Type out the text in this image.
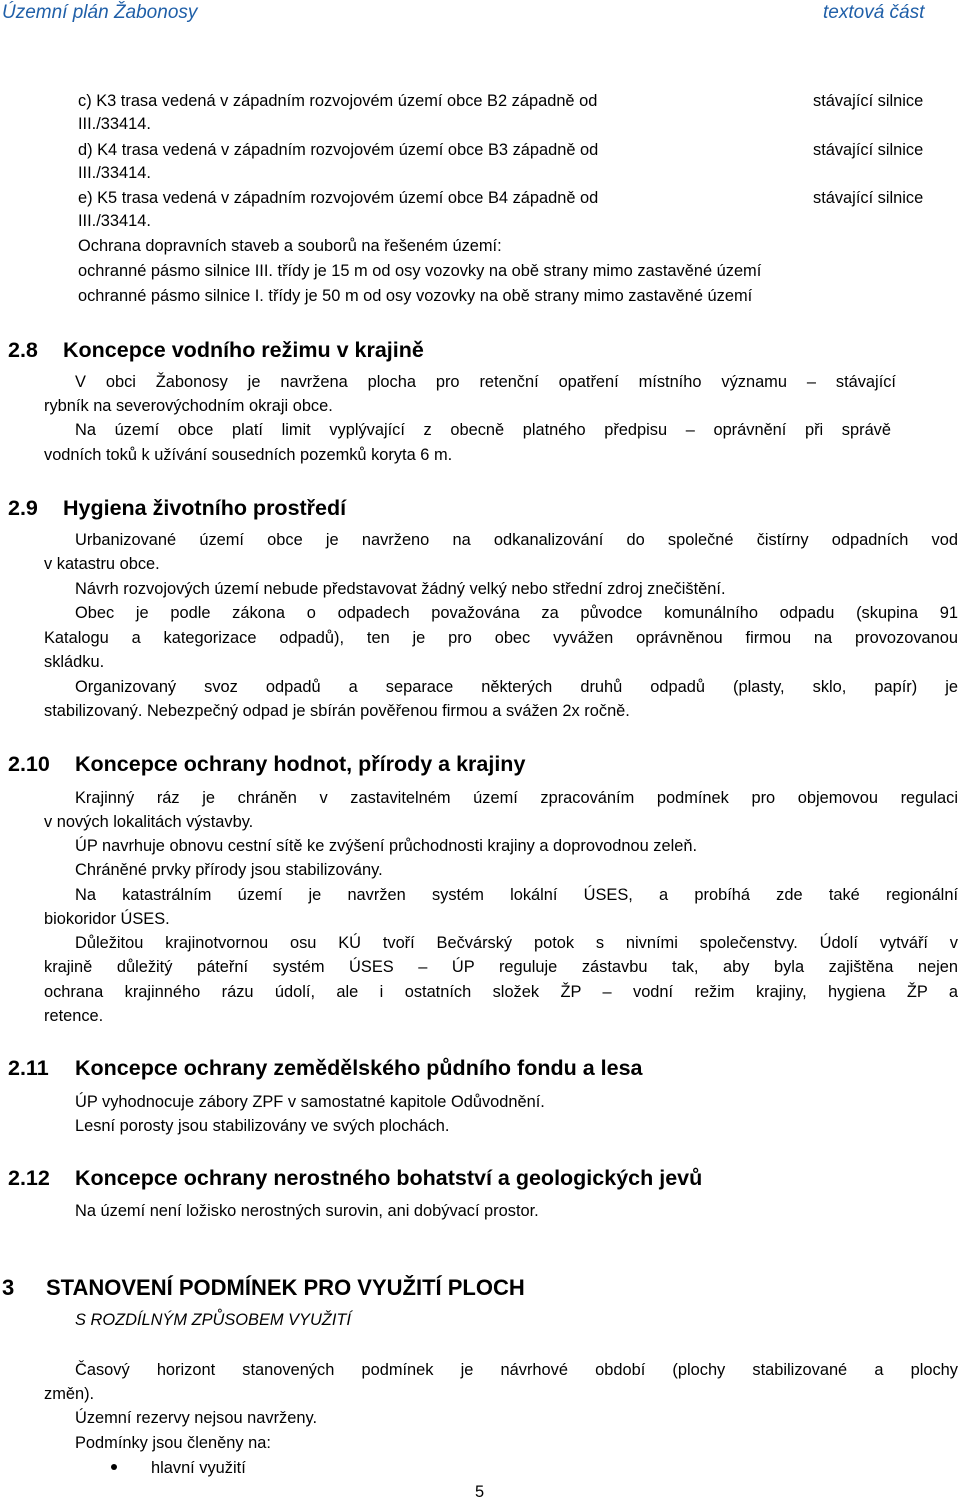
Územní plán Žabonosy	textová část
c) K3 trasa vedená v západním rozvojovém území obce B2 západně od	stávající silnice
III./33414.
d) K4 trasa vedená v západním rozvojovém území obce B3 západně od	stávající silnice
III./33414.
e) K5 trasa vedená v západním rozvojovém území obce B4 západně od	stávající silnice
III./33414.
Ochrana dopravních staveb a souborů na řešeném území:
ochranné pásmo silnice III. třídy je 15 m od osy vozovky na obě strany mimo zastavěné území
ochranné pásmo silnice I. třídy je 50 m od osy vozovky na obě strany mimo zastavěné území
2.8 Koncepce vodního režimu v krajině
V obci Žabonosy je navržena plocha pro retenční opatření místního významu – stávající
rybník na severovýchodním okraji obce.
Na území obce platí limit vyplývající z obecně platného předpisu – oprávnění při správě
vodních toků k užívání sousedních pozemků koryta 6 m.
2.9 Hygiena životního prostředí
Urbanizované území obce je navrženo na odkanalizování do společné čistírny odpadních vod
v katastru obce.
Návrh rozvojových území nebude představovat žádný velký nebo střední zdroj znečištění.
Obec je podle zákona o odpadech považována za původce komunálního odpadu (skupina 91
Katalogu a kategorizace odpadů), ten je pro obec vyvážen oprávněnou firmou na provozovanou
skládku.
Organizovaný svoz odpadů a separace některých druhů odpadů (plasty, sklo, papír) je
stabilizovaný. Nebezpečný odpad je sbírán pověřenou firmou a svážen 2x ročně.
2.10 Koncepce ochrany hodnot, přírody a krajiny
Krajinný ráz je chráněn v zastavitelném území zpracováním podmínek pro objemovou regulaci
v nových lokalitách výstavby.
ÚP navrhuje obnovu cestní sítě ke zvýšení průchodnosti krajiny a doprovodnou zeleň.
Chráněné prvky přírody jsou stabilizovány.
Na katastrálním území je navržen systém lokální ÚSES, a probíhá zde také regionální
biokoridor ÚSES.
Důležitou krajinotvornou osu KÚ tvoří Bečvárský potok s nivními společenstvy. Údolí vytváří v
krajině důležitý páteřní systém ÚSES – ÚP reguluje zástavbu tak, aby byla zajištěna nejen
ochrana krajinného rázu údolí, ale i ostatních složek ŽP – vodní režim krajiny, hygiena ŽP a
retence.
2.11 Koncepce ochrany zemědělského půdního fondu a lesa
ÚP vyhodnocuje zábory ZPF v samostatné kapitole Odůvodnění.
Lesní porosty jsou stabilizovány ve svých plochách.
2.12 Koncepce ochrany nerostného bohatství a geologických jevů
Na území není ložisko nerostných surovin, ani dobývací prostor.
3 STANOVENÍ PODMÍNEK PRO VYUŽITÍ PLOCH
S ROZDÍLNÝM ZPŮSOBEM VYUŽITÍ
Časový horizont stanovených podmínek je návrhové období (plochy stabilizované a plochy
změn).
Územní rezervy nejsou navrženy.
Podmínky jsou členěny na:
hlavní využití
5
